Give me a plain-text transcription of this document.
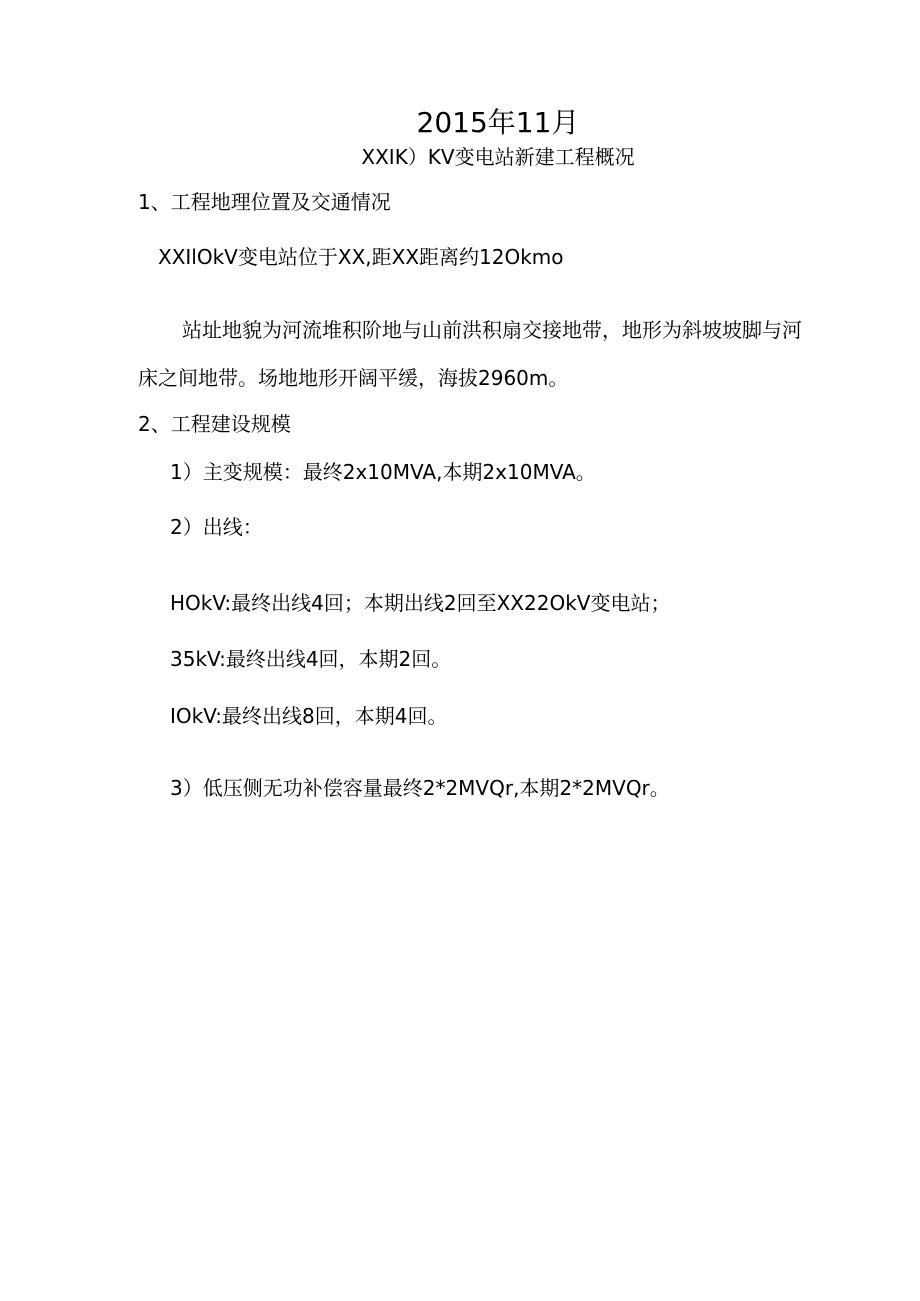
2015年11月
XXIK）KV变电站新建工程概况
1、工程地理位置及交通情况
XXIlOkV变电站位于XX,距XX距离约12Okmo
站址地貌为河流堆积阶地与山前洪积扇交接地带，地形为斜坡坡脚与河
床之间地带。场地地形开阔平缓，海拔2960m。
2、工程建设规模
1）主变规模：最终2x10MVA,本期2x10MVA。
2）出线：
HOkV:最终出线4回；本期出线2回至XX22OkV变电站；
35kV:最终出线4回，本期2回。
IOkV:最终出线8回，本期4回。
3）低压侧无功补偿容量最终2*2MVQr,本期2*2MVQr。
